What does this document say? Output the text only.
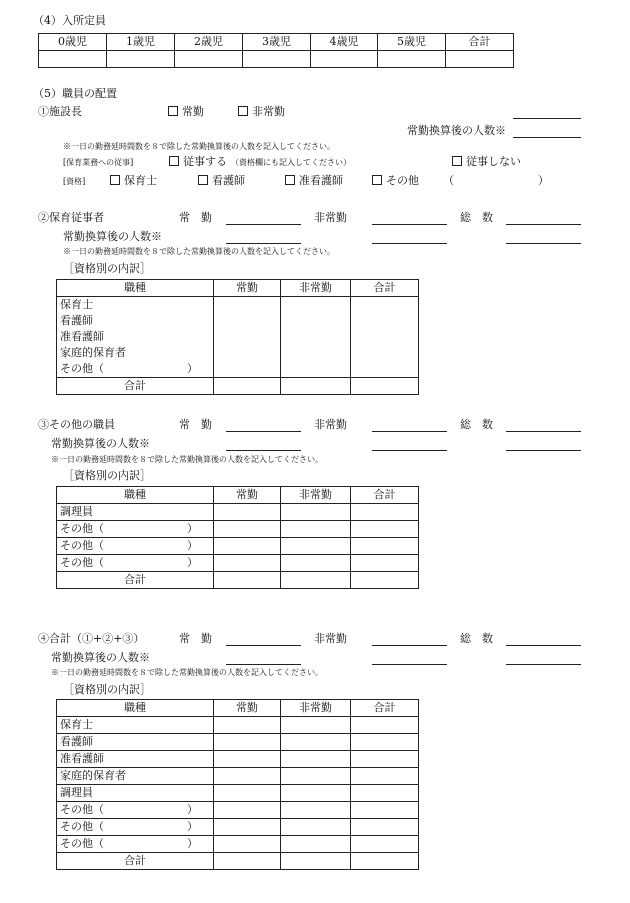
（4）入所定員
0歳児	1歳児	2歳児	3歳児	4歳児	5歳児	合計

（5）職員の配置
①施設長	常勤	非常勤
常勤換算後の人数※
※一日の勤務延時間数を８で除した常勤換算後の人数を記入してください。
[保育業務への従事]	従事する （資格欄にも記入してください）	従事しない
[資格]	保育士	看護師	准看護師	その他 （	）
②保育従事者	常　勤	非常勤	総　数
常勤換算後の人数※
※一日の勤務延時間数を８で除した常勤換算後の人数を記入してください。
［資格別の内訳］
職種	常勤	非常勤	合計
保育士			
看護師			
准看護師			
家庭的保育者			
その他（ ）			

合計			
③その他の職員	常　勤	非常勤	総　数
常勤換算後の人数※
※一日の勤務延時間数を８で除した常勤換算後の人数を記入してください。
［資格別の内訳］
職種	常勤	非常勤	合計
調理員			
その他（ ）			

その他（ ）			

その他（ ）			

合計			
④合計（①+②+③）	常　勤	非常勤	総　数
常勤換算後の人数※
※一日の勤務延時間数を８で除した常勤換算後の人数を記入してください。
［資格別の内訳］
職種	常勤	非常勤	合計
保育士			
看護師			
准看護師			
家庭的保育者			
調理員			
その他（ ）			

その他（ ）			

その他（ ）			

合計			
